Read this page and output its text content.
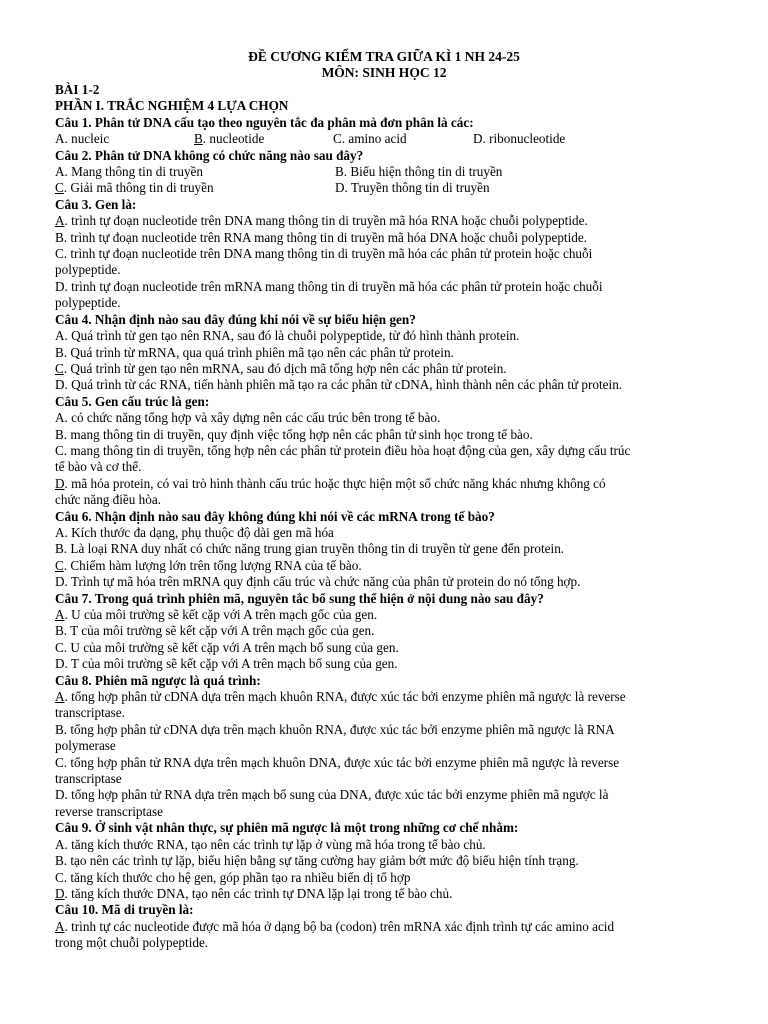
ĐỀ CƯƠNG KIỂM TRA GIỮA KÌ 1 NH 24-25
MÔN: SINH HỌC 12
BÀI 1-2
PHẦN I. TRẮC NGHIỆM 4 LỰA CHỌN
Câu 1. Phân tử DNA cấu tạo theo nguyên tắc đa phân mà đơn phân là các:
A. nucleic	B. nucleotide	C. amino acid	D. ribonucleotide
Câu 2. Phân tử DNA không có chức năng nào sau đây?
A. Mang thông tin di truyền	B. Biểu hiện thông tin di truyền
C. Giải mã thông tin di truyền	D. Truyền thông tin di truyền
Câu 3. Gen là:
A. trình tự đoạn nucleotide trên DNA mang thông tin di truyền mã hóa RNA hoặc chuỗi polypeptide.
B. trình tự đoạn nucleotide trên RNA mang thông tin di truyền mã hóa DNA hoặc chuỗi polypeptide.
C. trình tự đoạn nucleotide trên DNA mang thông tin di truyền mã hóa các phân tử protein hoặc chuỗi
polypeptide.
D. trình tự đoạn nucleotide trên mRNA mang thông tin di truyền mã hóa các phân tử protein hoặc chuỗi
polypeptide.
Câu 4. Nhận định nào sau đây đúng khi nói về sự biểu hiện gen?
A. Quá trình từ gen tạo nên RNA, sau đó là chuỗi polypeptide, từ đó hình thành protein.
B. Quá trình từ mRNA, qua quá trình phiên mã tạo nên các phân tử protein.
C. Quá trình từ gen tạo nên mRNA, sau đó dịch mã tổng hợp nên các phân tử protein.
D. Quá trình từ các RNA, tiến hành phiên mã tạo ra các phân tử cDNA, hình thành nên các phân tử protein.
Câu 5. Gen cấu trúc là gen:
A. có chức năng tổng hợp và xây dựng nên các cấu trúc bên trong tế bào.
B. mang thông tin di truyền, quy định việc tổng hợp nên các phân tử sinh học trong tế bào.
C. mang thông tin di truyền, tổng hợp nên các phân tử protein điều hòa hoạt động của gen, xây dựng cấu trúc
tế bào và cơ thể.
D. mã hóa protein, có vai trò hình thành cấu trúc hoặc thực hiện một số chức năng khác nhưng không có
chức năng điều hòa.
Câu 6. Nhận định nào sau đây không đúng khi nói về các mRNA trong tế bào?
A. Kích thước đa dạng, phụ thuộc độ dài gen mã hóa
B. Là loại RNA duy nhất có chức năng trung gian truyền thông tin di truyền từ gene đến protein.
C. Chiếm hàm lượng lớn trên tổng lượng RNA của tế bào.
D. Trình tự mã hóa trên mRNA quy định cấu trúc và chức năng của phân tử protein do nó tổng hợp.
Câu 7. Trong quá trình phiên mã, nguyên tắc bổ sung thể hiện ở nội dung nào sau đây?
A. U của môi trường sẽ kết cặp với A trên mạch gốc của gen.
B. T của môi trường sẽ kết cặp với A trên mạch gốc của gen.
C. U của môi trường sẽ kết cặp với A trên mạch bổ sung của gen.
D. T của môi trường sẽ kết cặp với A trên mạch bổ sung của gen.
Câu 8. Phiên mã ngược là quá trình:
A. tổng hợp phân tử cDNA dựa trên mạch khuôn RNA, được xúc tác bởi enzyme phiên mã ngược là reverse
transcriptase.
B. tổng hợp phân tử cDNA dựa trên mạch khuôn RNA, được xúc tác bởi enzyme phiên mã ngược là RNA
polymerase
C. tổng hợp phân tử RNA dựa trên mạch khuôn DNA, được xúc tác bởi enzyme phiên mã ngược là reverse
transcriptase
D. tổng hợp phân tử RNA dựa trên mạch bổ sung của DNA, được xúc tác bởi enzyme phiên mã ngược là
reverse transcriptase
Câu 9. Ở sinh vật nhân thực, sự phiên mã ngược là một trong những cơ chế nhằm:
A. tăng kích thước RNA, tạo nên các trình tự lặp ở vùng mã hóa trong tế bào chủ.
B. tạo nên các trình tự lặp, biểu hiện bằng sự tăng cường hay giảm bớt mức độ biểu hiện tính trạng.
C. tăng kích thước cho hệ gen, góp phần tạo ra nhiều biến dị tổ hợp
D. tăng kích thước DNA, tạo nên các trình tự DNA lặp lại trong tế bào chủ.
Câu 10. Mã di truyền là:
A. trình tự các nucleotide được mã hóa ở dạng bộ ba (codon) trên mRNA xác định trình tự các amino acid
trong một chuỗi polypeptide.
